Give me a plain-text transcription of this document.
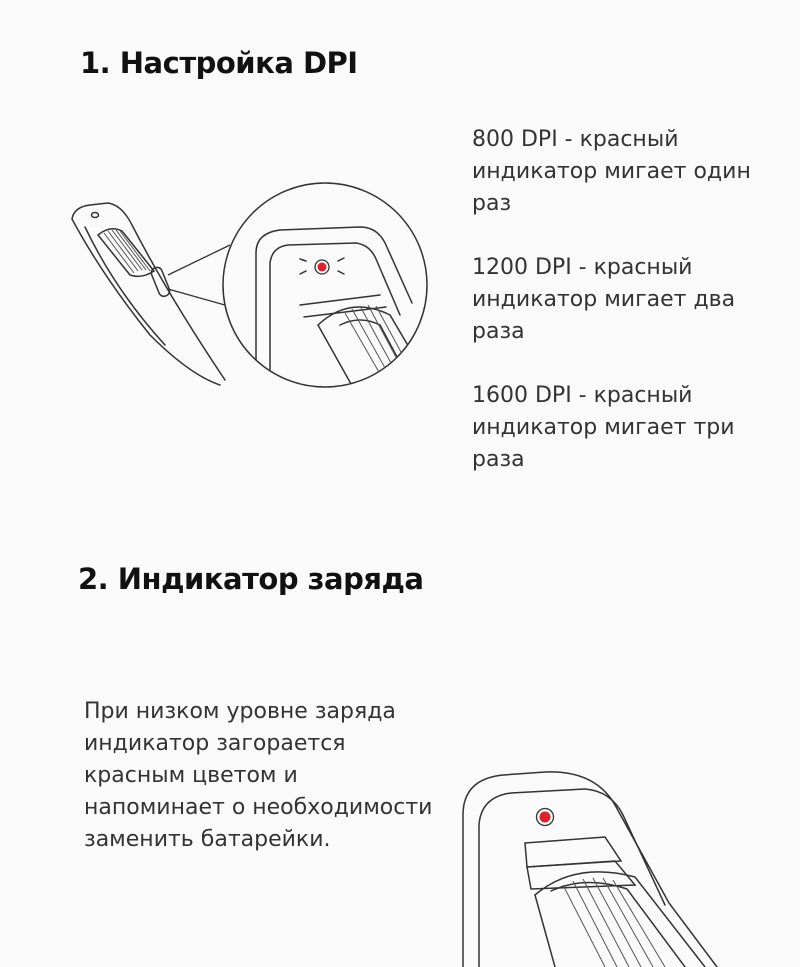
1. Настройка DPI

800 DPI - красный индикатор мигает один раз

1200 DPI - красный индикатор мигает два раза

1600 DPI - красный индикатор мигает три раза

2. Индикатор заряда

При низком уровне заряда индикатор загорается красным цветом и напоминает о необходимости заменить батарейки.
